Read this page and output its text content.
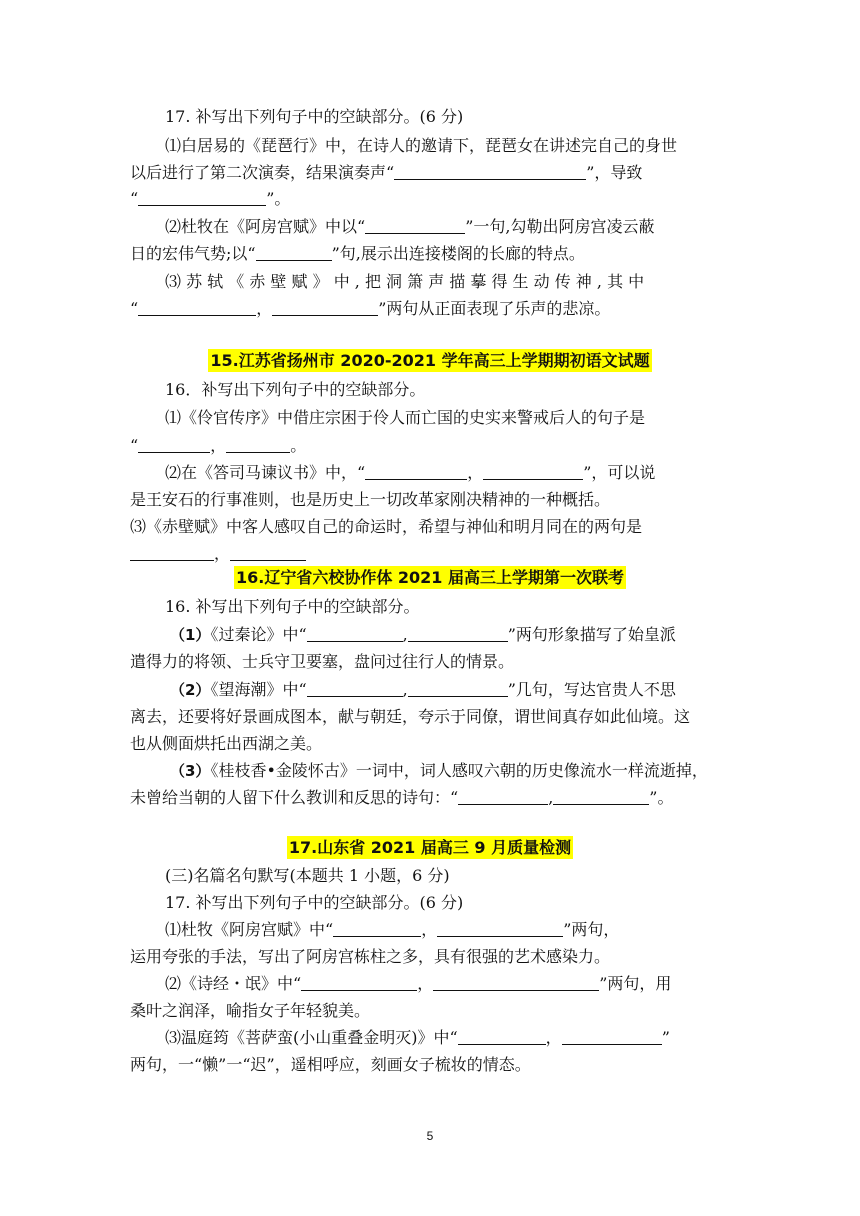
17. 补写出下列句子中的空缺部分。(6 分)
⑴白居易的《琵琶行》中，在诗人的邀请下，琵琶女在讲述完自己的身世
以后进行了第二次演奏，结果演奏声“	”，导致
“	”。
⑵杜牧在《阿房宫赋》中以“	”一句,勾勒出阿房宫凌云蔽
日的宏伟气势;以“	”句,展示出连接楼阁的长廊的特点。
⑶ 苏 轼 《 赤 壁 赋 》 中 , 把 洞 箫 声 描 摹 得 生 动 传 神 , 其 中
“	，	”两句从正面表现了乐声的悲凉。
15.江苏省扬州市 2020-2021 学年高三上学期期初语文试题
16．补写出下列句子中的空缺部分。
⑴《伶官传序》中借庄宗困于伶人而亡国的史实来警戒后人的句子是
“	，	。
⑵在《答司马谏议书》中，“	，	”，可以说
是王安石的行事准则，也是历史上一切改革家刚决精神的一种概括。
⑶《赤壁赋》中客人感叹自己的命运时，希望与神仙和明月同在的两句是
，
16.辽宁省六校协作体 2021 届高三上学期第一次联考
16. 补写出下列句子中的空缺部分。
（1）《过秦论》中“	,	”两句形象描写了始皇派
遣得力的将领、士兵守卫要塞，盘问过往行人的情景。
（2）《望海潮》中“	,	”几句，写达官贵人不思
离去，还要将好景画成图本，献与朝廷，夸示于同僚，谓世间真存如此仙境。这
也从侧面烘托出西湖之美。
（3）《桂枝香•金陵怀古》一词中，词人感叹六朝的历史像流水一样流逝掉，
未曾给当朝的人留下什么教训和反思的诗句：“	,	”。
17.山东省 2021 届高三 9 月质量检测
(三)名篇名句默写(本题共 1 小题，6 分)
17. 补写出下列句子中的空缺部分。(6 分)
⑴杜牧《阿房宫赋》中“	，	”两句，
运用夸张的手法，写出了阿房宫栋柱之多，具有很强的艺术感染力。
⑵《诗经・氓》中“	，	”两句，用
桑叶之润泽，喻指女子年轻貌美。
⑶温庭筠《菩萨蛮(小山重叠金明灭)》中“	，	”
两句，一“懒”一“迟”，遥相呼应，刻画女子梳妆的情态。
5
